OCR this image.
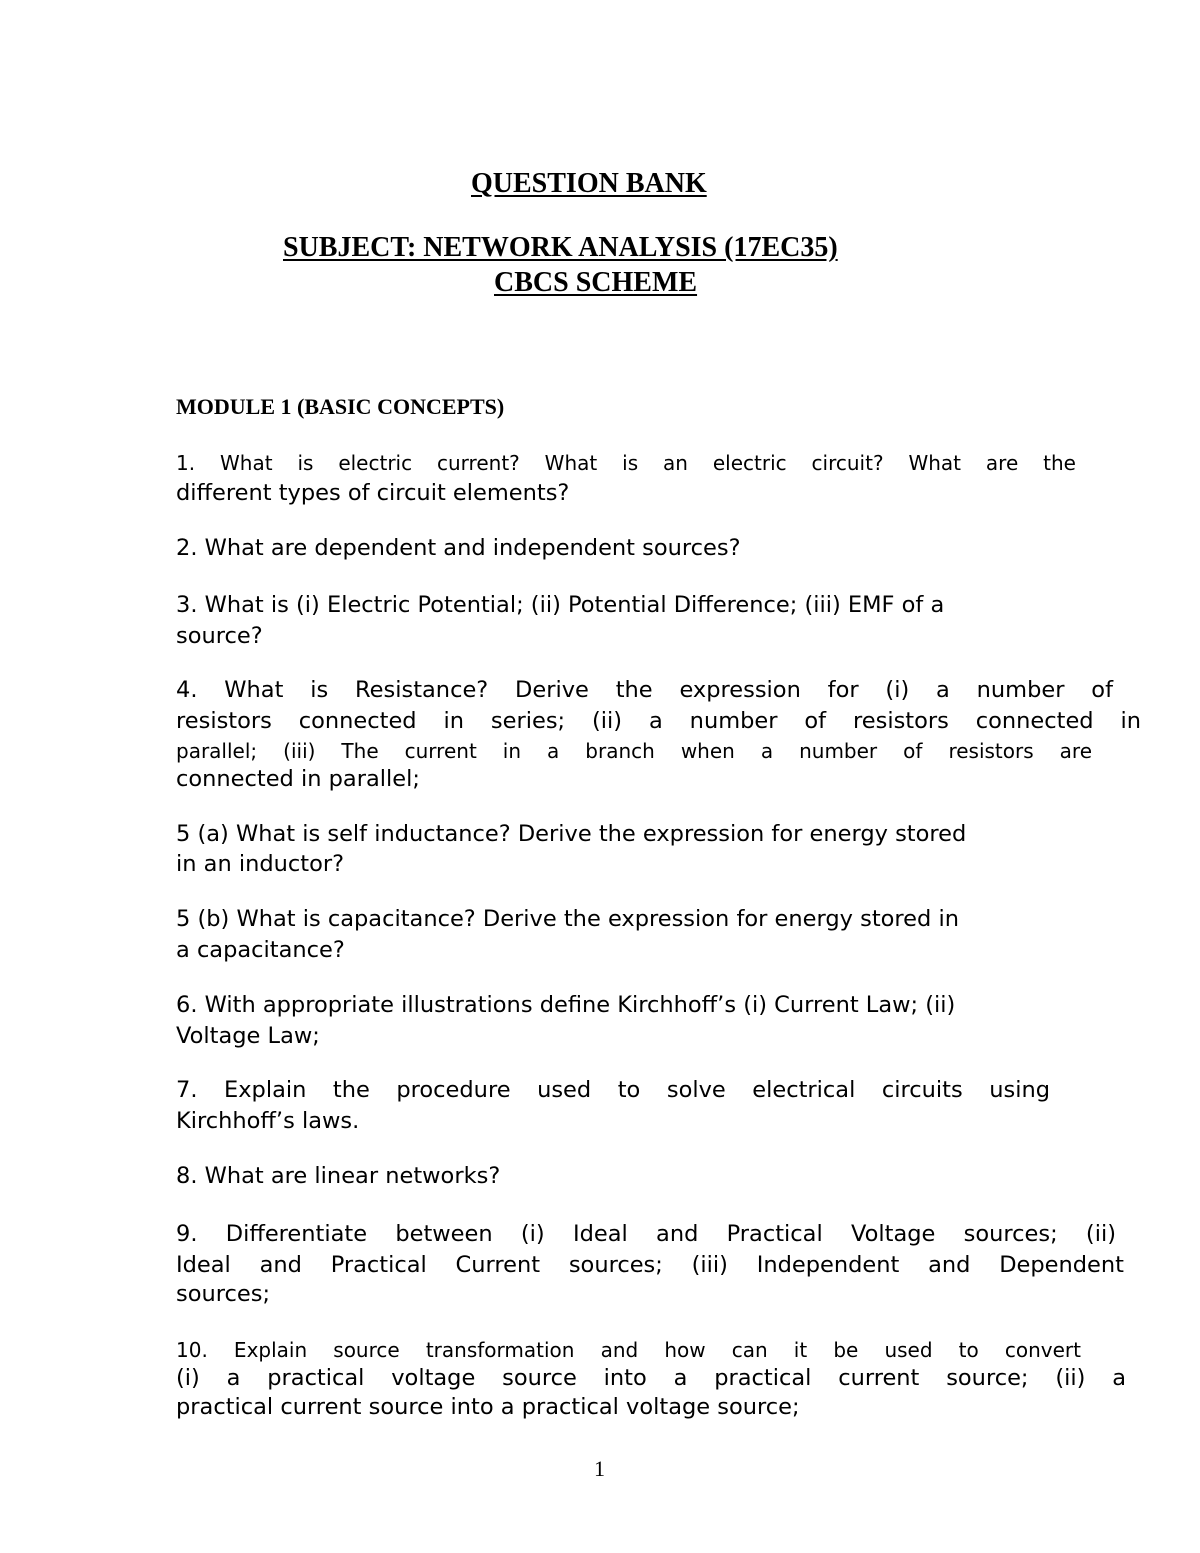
QUESTION BANK
SUBJECT: NETWORK ANALYSIS (17EC35)
CBCS SCHEME
MODULE 1 (BASIC CONCEPTS)
1. What is electric current? What is an electric circuit? What are the
different types of circuit elements?
2. What are dependent and independent sources?
3. What is (i) Electric Potential; (ii) Potential Difference; (iii) EMF of a
source?
4. What is Resistance? Derive the expression for (i) a number of
resistors connected in series; (ii) a number of resistors connected in
parallel; (iii) The current in a branch when a number of resistors are
connected in parallel;
5 (a) What is self inductance? Derive the expression for energy stored
in an inductor?
5 (b) What is capacitance? Derive the expression for energy stored in
a capacitance?
6. With appropriate illustrations define Kirchhoff’s (i) Current Law; (ii)
Voltage Law;
7. Explain the procedure used to solve electrical circuits using
Kirchhoff’s laws.
8. What are linear networks?
9. Differentiate between (i) Ideal and Practical Voltage sources; (ii)
Ideal and Practical Current sources; (iii) Independent and Dependent
sources;
10. Explain source transformation and how can it be used to convert
(i) a practical voltage source into a practical current source; (ii) a
practical current source into a practical voltage source;
1
